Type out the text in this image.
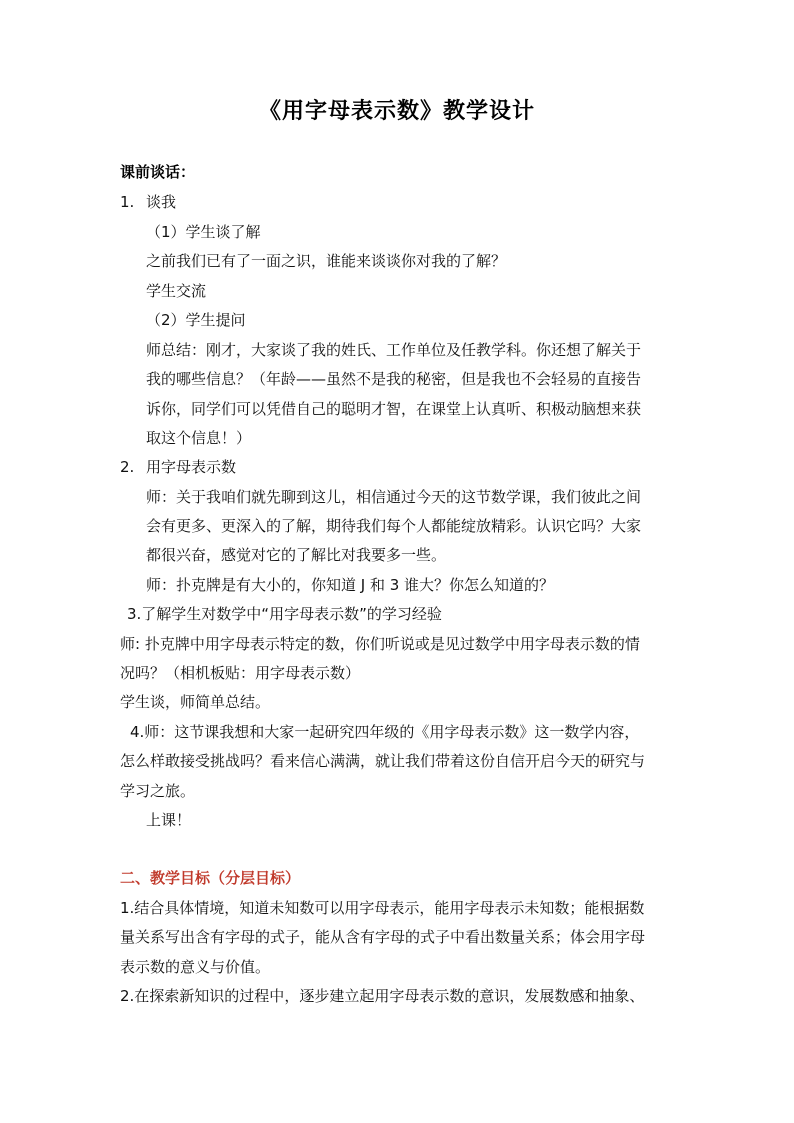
《用字母表示数》教学设计
课前谈话：
1. 谈我
（1）学生谈了解
之前我们已有了一面之识，谁能来谈谈你对我的了解？
学生交流
（2）学生提问
师总结：刚才，大家谈了我的姓氏、工作单位及任教学科。你还想了解关于
我的哪些信息？（年龄——虽然不是我的秘密，但是我也不会轻易的直接告
诉你，同学们可以凭借自己的聪明才智，在课堂上认真听、积极动脑想来获
取这个信息！）
2. 用字母表示数
师：关于我咱们就先聊到这儿，相信通过今天的这节数学课，我们彼此之间
会有更多、更深入的了解，期待我们每个人都能绽放精彩。认识它吗？大家
都很兴奋，感觉对它的了解比对我要多一些。
师：扑克牌是有大小的，你知道 J 和 3 谁大？你怎么知道的？
3.了解学生对数学中“用字母表示数”的学习经验
师: 扑克牌中用字母表示特定的数，你们听说或是见过数学中用字母表示数的情
况吗？（相机板贴：用字母表示数）
学生谈，师简单总结。
4.师：这节课我想和大家一起研究四年级的《用字母表示数》这一数学内容，
怎么样敢接受挑战吗？看来信心满满，就让我们带着这份自信开启今天的研究与
学习之旅。
上课！
二、教学目标（分层目标）
1.结合具体情境，知道未知数可以用字母表示，能用字母表示未知数；能根据数
量关系写出含有字母的式子，能从含有字母的式子中看出数量关系；体会用字母
表示数的意义与价值。
2.在探索新知识的过程中，逐步建立起用字母表示数的意识，发展数感和抽象、
